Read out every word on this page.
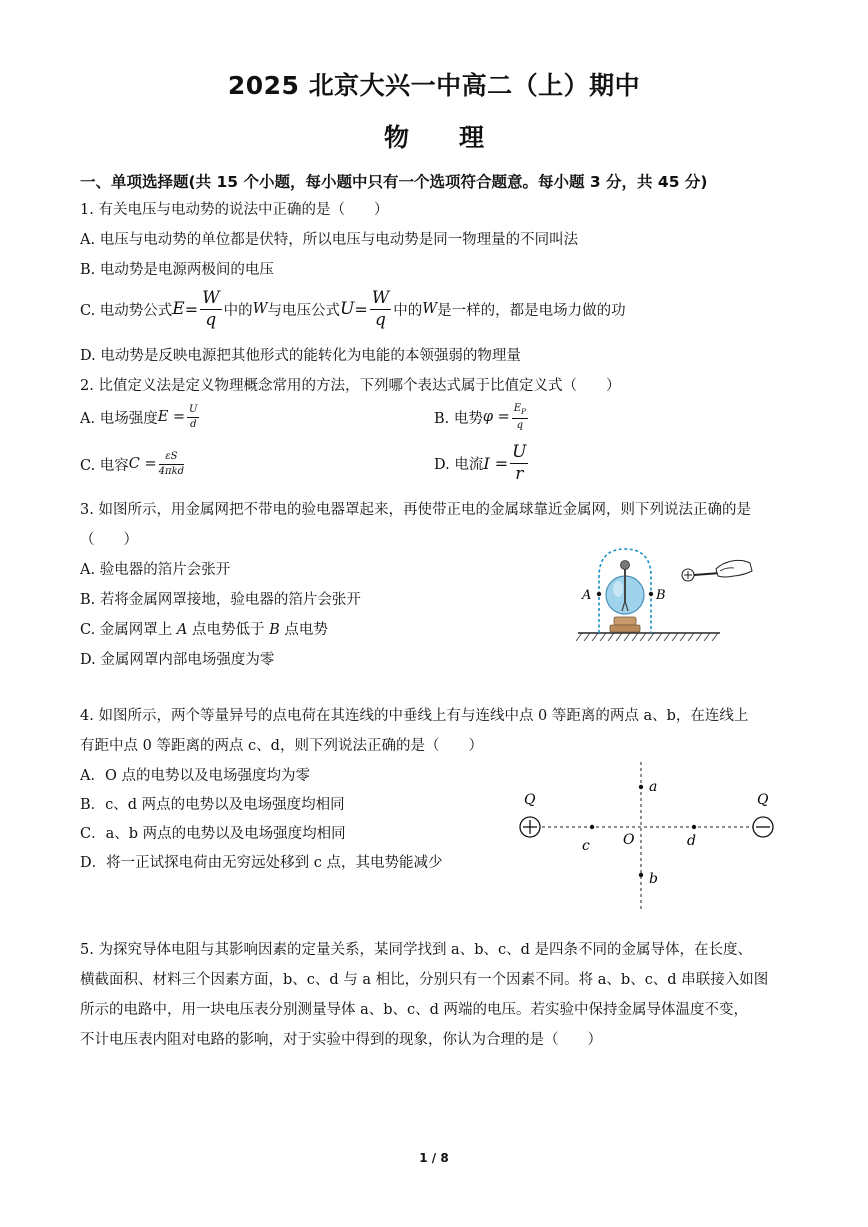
2025 北京大兴一中高二（上）期中
物　　理
一、单项选择题(共 15 个小题，每小题中只有一个选项符合题意。每小题 3 分，共 45 分)
1. 有关电压与电动势的说法中正确的是（　　）
A. 电压与电动势的单位都是伏特，所以电压与电动势是同一物理量的不同叫法
B. 电动势是电源两极间的电压
C. 电动势公式 $E = \frac{W}{q}$ 中的 W 与电压公式 $U = \frac{W}{q}$ 中的 W 是一样的，都是电场力做的功
D. 电动势是反映电源把其他形式的能转化为电能的本领强弱的物理量
2. 比值定义法是定义物理概念常用的方法，下列哪个表达式属于比值定义式（　　）
A. 电场强度 $E = \frac{U}{d}$	B. 电势 $\varphi = \frac{E_P}{q}$
C. 电容 $C = \frac{\varepsilon S}{\text{4πkd}}$	D. 电流 $I = \frac{U}{r}$
3. 如图所示，用金属网把不带电的验电器罩起来，再使带正电的金属球靠近金属网，则下列说法正确的是
（　　）
A. 验电器的箔片会张开
B. 若将金属网罩接地，验电器的箔片会张开
C. 金属网罩上 A 点电势低于 B 点电势
D. 金属网罩内部电场强度为零
A	B
4. 如图所示，两个等量异号的点电荷在其连线的中垂线上有与连线中点 0 等距离的两点 a、b，在连线上
有距中点 0 等距离的两点 c、d，则下列说法正确的是（　　）
A．O 点的电势以及电场强度均为零
B．c、d 两点的电势以及电场强度均相同
C．a、b 两点的电势以及电场强度均相同
D．将一正试探电荷由无穷远处移到 c 点，其电势能减少
Q	Q
a
b
c	d
O
5. 为探究导体电阻与其影响因素的定量关系，某同学找到 a、b、c、d 是四条不同的金属导体，在长度、
横截面积、材料三个因素方面，b、c、d 与 a 相比，分别只有一个因素不同。将 a、b、c、d 串联接入如图
所示的电路中，用一块电压表分别测量导体 a、b、c、d 两端的电压。若实验中保持金属导体温度不变，
不计电压表内阻对电路的影响，对于实验中得到的现象，你认为合理的是（　　）
1 / 8
